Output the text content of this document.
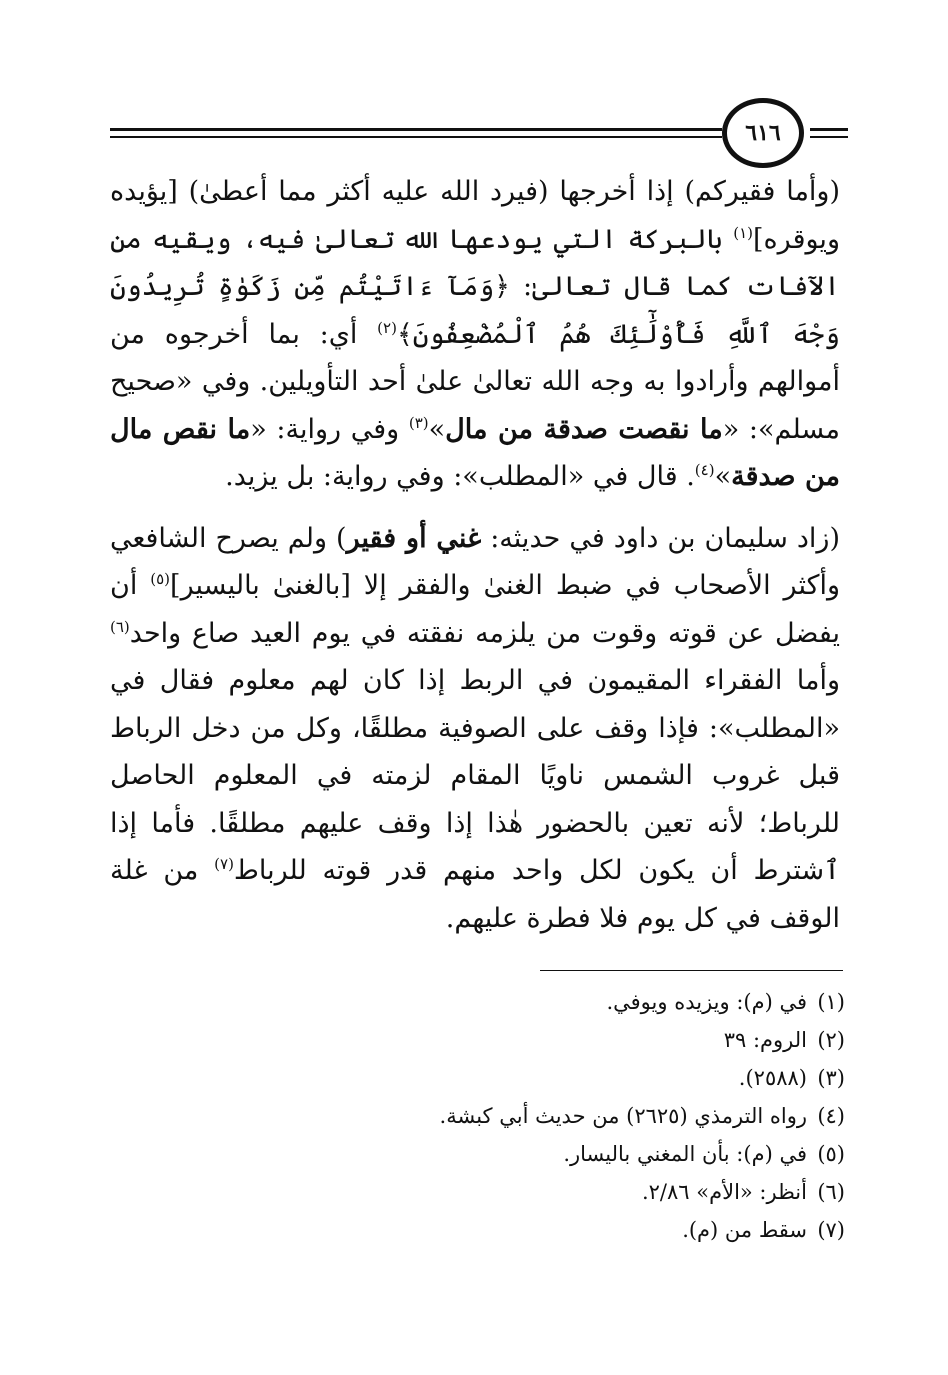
٦١٦

(وأما فقيركم) إذا أخرجها (فيرد الله عليه أكثر مما أعطىٰ) [يؤيده ويوقره]$^{(١)}$ بالبركة التي يودعها الله تعالىٰ فيه، ويقيه من الآفات كما قال تعالىٰ: ﴿وَمَآ ءَاتَيْتُم مِّن زَكَوٰةٍ تُرِيدُونَ وَجْهَ ٱللَّهِ فَأُوْلَٰٓئِكَ هُمُ ٱلْمُضْعِفُونَ﴾$^{(٢)}$ أي: بما أخرجوه من أموالهم وأرادوا به وجه الله تعالىٰ علىٰ أحد التأويلين. وفي «صحيح مسلم»: «ما نقصت صدقة من مال»$^{(٣)}$ وفي رواية: «ما نقص مال من صدقة»$^{(٤)}$. قال في «المطلب»: وفي رواية: بل يزيد.

(زاد سليمان بن داود في حديثه: غني أو فقير) ولم يصرح الشافعي وأكثر الأصحاب في ضبط الغنىٰ والفقر إلا [بالغنىٰ باليسير]$^{(٥)}$ أن يفضل عن قوته وقوت من يلزمه نفقته في يوم العيد صاع واحد$^{(٦)}$ وأما الفقراء المقيمون في الربط إذا كان لهم معلوم فقال في «المطلب»: فإذا وقف على الصوفية مطلقًا، وكل من دخل الرباط قبل غروب الشمس ناويًا المقام لزمته في المعلوم الحاصل للرباط؛ لأنه تعين بالحضور هٰذا إذا وقف عليهم مطلقًا. فأما إذا ٱشترط أن يكون لكل واحد منهم قدر قوته للرباط$^{(٧)}$ من غلة الوقف في كل يوم فلا فطرة عليهم.

(١)في (م): ويزيده ويوفي.

(٢)الروم: ٣٩

(٣)(٢٥٨٨).

(٤)رواه الترمذي (٢٦٢٥) من حديث أبي كبشة.

(٥)في (م): بأن المغني باليسار.

(٦)أنظر: «الأم» ٢/٨٦.

(٧)سقط من (م).
